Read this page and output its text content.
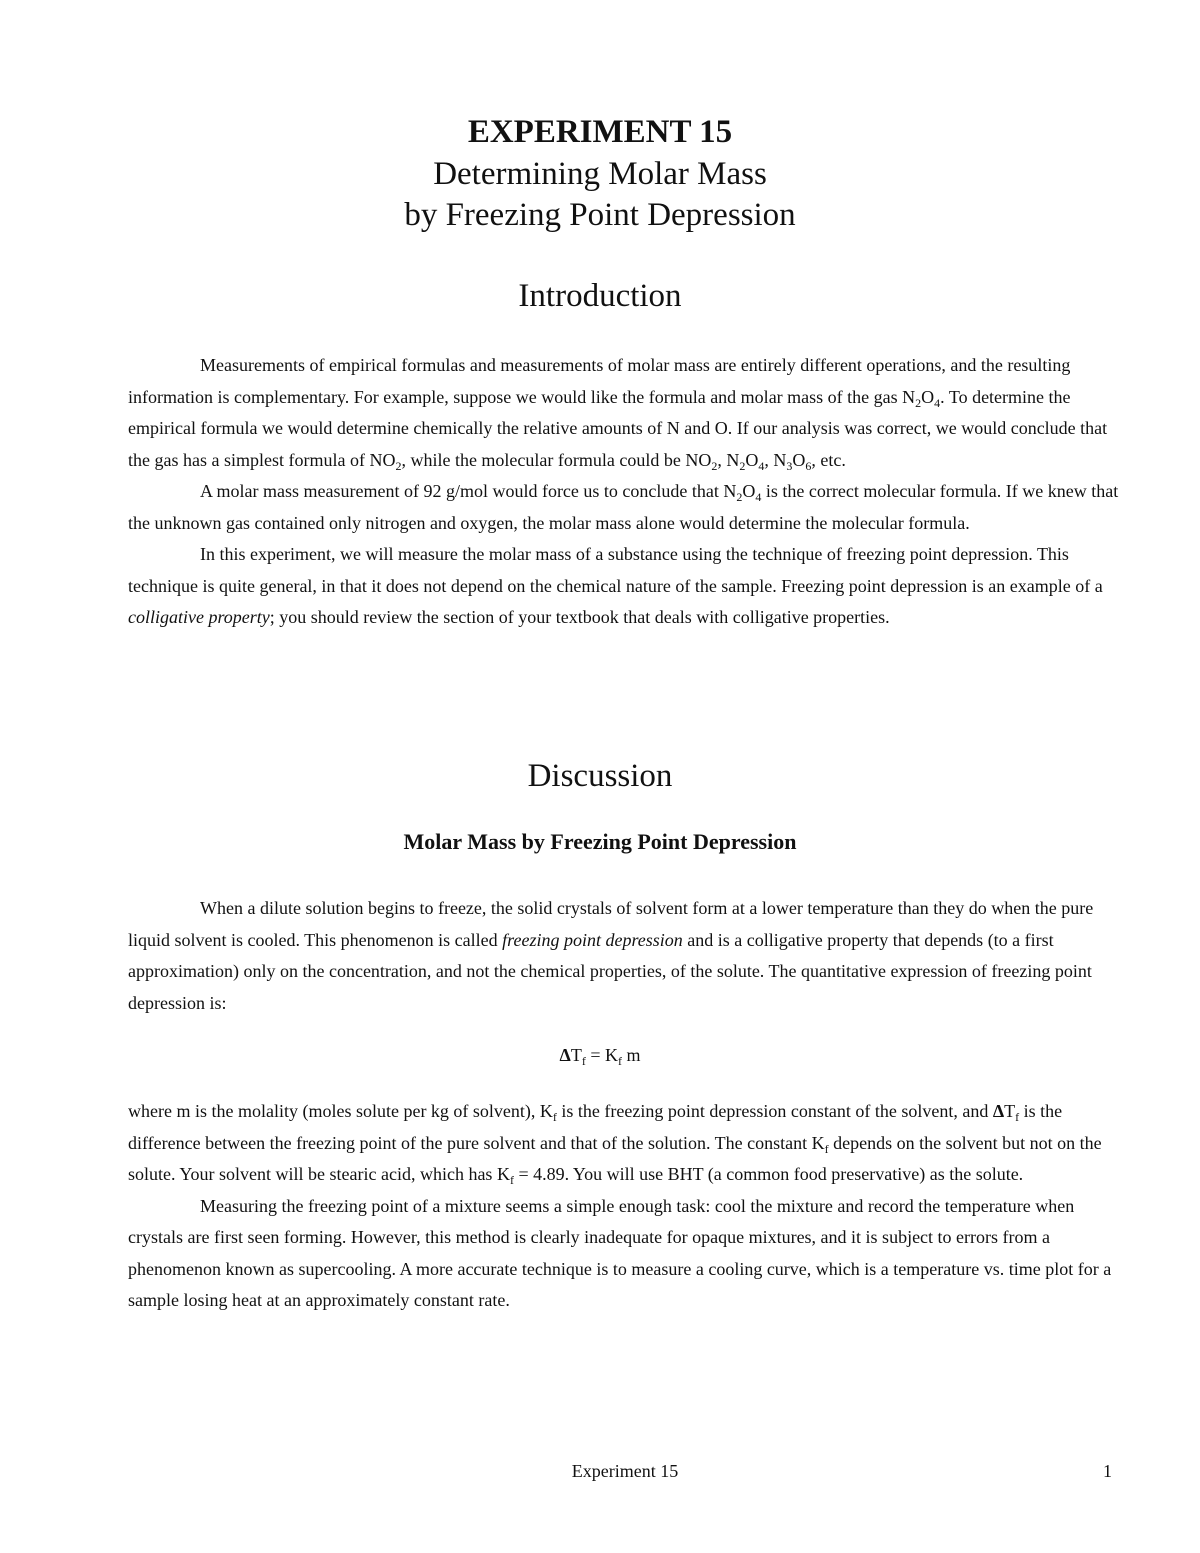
EXPERIMENT 15
Determining Molar Mass
by Freezing Point Depression
Introduction

Measurements of empirical formulas and measurements of molar mass are entirely different operations, and the resulting information is complementary. For example, suppose we would like the formula and molar mass of the gas $N_2O_4$. To determine the empirical formula we would determine chemically the relative amounts of N and O. If our analysis was correct, we would conclude that the gas has a simplest formula of $NO_2$, while the molecular formula could be $NO_2$, $N_2O_4$, $N_3O_6$, etc.

A molar mass measurement of 92 g/mol would force us to conclude that $N_2O_4$ is the correct molecular formula. If we knew that the unknown gas contained only nitrogen and oxygen, the molar mass alone would determine the molecular formula.

In this experiment, we will measure the molar mass of a substance using the technique of freezing point depression. This technique is quite general, in that it does not depend on the chemical nature of the sample. Freezing point depression is an example of a colligative property; you should review the section of your textbook that deals with colligative properties.

Discussion
Molar Mass by Freezing Point Depression

When a dilute solution begins to freeze, the solid crystals of solvent form at a lower temperature than they do when the pure liquid solvent is cooled. This phenomenon is called freezing point depression and is a colligative property that depends (to a first approximation) only on the concentration, and not the chemical properties, of the solute. The quantitative expression of freezing point depression is:

$\Delta T_f = K_f$ m

where m is the molality (moles solute per kg of solvent), $K_f$ is the freezing point depression constant of the solvent, and $\Delta T_f$ is the difference between the freezing point of the pure solvent and that of the solution. The constant $K_f$ depends on the solvent but not on the solute. Your solvent will be stearic acid, which has $K_f = 4.89$. You will use BHT (a common food preservative) as the solute.

Measuring the freezing point of a mixture seems a simple enough task: cool the mixture and record the temperature when crystals are first seen forming. However, this method is clearly inadequate for opaque mixtures, and it is subject to errors from a phenomenon known as supercooling. A more accurate technique is to measure a cooling curve, which is a temperature vs. time plot for a sample losing heat at an approximately constant rate.

Experiment 15	1
